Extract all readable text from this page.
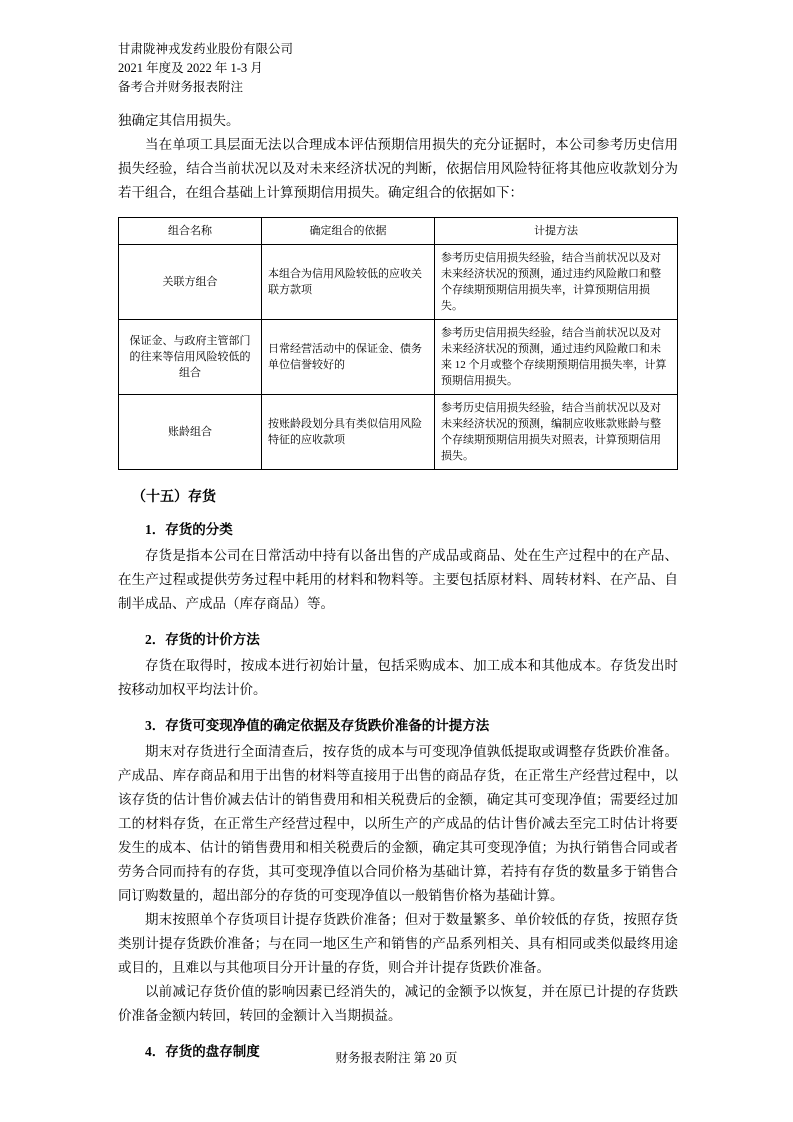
甘肃陇神戎发药业股份有限公司
2021 年度及 2022 年 1-3 月
备考合并财务报表附注

独确定其信用损失。

当在单项工具层面无法以合理成本评估预期信用损失的充分证据时，本公司参考历史信用损失经验，结合当前状况以及对未来经济状况的判断，依据信用风险特征将其他应收款划分为若干组合，在组合基础上计算预期信用损失。确定组合的依据如下：

组合名称	确定组合的依据	计提方法
关联方组合	本组合为信用风险较低的应收关联方款项	参考历史信用损失经验，结合当前状况以及对未来经济状况的预测，通过违约风险敞口和整个存续期预期信用损失率，计算预期信用损失。
保证金、与政府主管部门的往来等信用风险较低的组合	日常经营活动中的保证金、债务单位信誉较好的	参考历史信用损失经验，结合当前状况以及对未来经济状况的预测，通过违约风险敞口和未来 12 个月或整个存续期预期信用损失率，计算预期信用损失。
账龄组合	按账龄段划分具有类似信用风险特征的应收款项	参考历史信用损失经验，结合当前状况以及对未来经济状况的预测，编制应收账款账龄与整个存续期预期信用损失对照表，计算预期信用损失。
（十五）存货
1．存货的分类

存货是指本公司在日常活动中持有以备出售的产成品或商品、处在生产过程中的在产品、在生产过程或提供劳务过程中耗用的材料和物料等。主要包括原材料、周转材料、在产品、自制半成品、产成品（库存商品）等。

2．存货的计价方法

存货在取得时，按成本进行初始计量，包括采购成本、加工成本和其他成本。存货发出时按移动加权平均法计价。

3．存货可变现净值的确定依据及存货跌价准备的计提方法

期末对存货进行全面清查后，按存货的成本与可变现净值孰低提取或调整存货跌价准备。产成品、库存商品和用于出售的材料等直接用于出售的商品存货，在正常生产经营过程中，以该存货的估计售价减去估计的销售费用和相关税费后的金额，确定其可变现净值；需要经过加工的材料存货，在正常生产经营过程中，以所生产的产成品的估计售价减去至完工时估计将要发生的成本、估计的销售费用和相关税费后的金额，确定其可变现净值；为执行销售合同或者劳务合同而持有的存货，其可变现净值以合同价格为基础计算，若持有存货的数量多于销售合同订购数量的，超出部分的存货的可变现净值以一般销售价格为基础计算。

期末按照单个存货项目计提存货跌价准备；但对于数量繁多、单价较低的存货，按照存货类别计提存货跌价准备；与在同一地区生产和销售的产品系列相关、具有相同或类似最终用途或目的，且难以与其他项目分开计量的存货，则合并计提存货跌价准备。

以前减记存货价值的影响因素已经消失的，减记的金额予以恢复，并在原已计提的存货跌价准备金额内转回，转回的金额计入当期损益。

4．存货的盘存制度	财务报表附注 第 20 页
